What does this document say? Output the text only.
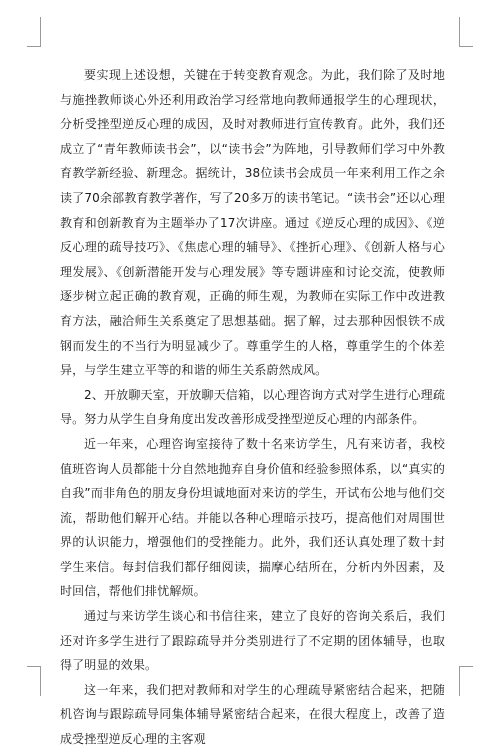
要实现上述设想，关键在于转变教育观念。为此，我们除了及时地与施挫教师谈心外还利用政治学习经常地向教师通报学生的心理现状，分析受挫型逆反心理的成因，及时对教师进行宣传教育。此外，我们还成立了“青年教师读书会”，以“读书会”为阵地，引导教师们学习中外教育教学新经验、新理念。据统计，38位读书会成员一年来利用工作之余读了70余部教育教学著作，写了20多万的读书笔记。“读书会”还以心理教育和创新教育为主题举办了17次讲座。通过《逆反心理的成因》、《逆反心理的疏导技巧》、《焦虑心理的辅导》、《挫折心理》、《创新人格与心理发展》、《创新潜能开发与心理发展》等专题讲座和讨论交流，使教师逐步树立起正确的教育观，正确的师生观，为教师在实际工作中改进教育方法，融洽师生关系奠定了思想基础。据了解，过去那种因恨铁不成钢而发生的不当行为明显减少了。尊重学生的人格，尊重学生的个体差异，与学生建立平等的和谐的师生关系蔚然成风。

2、开放聊天室，开放聊天信箱，以心理咨询方式对学生进行心理疏导。努力从学生自身角度出发改善形成受挫型逆反心理的内部条件。

近一年来，心理咨询室接待了数十名来访学生，凡有来访者，我校值班咨询人员都能十分自然地抛弃自身价值和经验参照体系，以“真实的自我”而非角色的朋友身份坦诚地面对来访的学生，开试布公地与他们交流，帮助他们解开心结。并能以各种心理暗示技巧，提高他们对周围世界的认识能力，增强他们的受挫能力。此外，我们还认真处理了数十封学生来信。每封信我们都仔细阅读，揣摩心结所在，分析内外因素，及时回信，帮他们排忧解烦。

通过与来访学生谈心和书信往来，建立了良好的咨询关系后，我们还对许多学生进行了跟踪疏导并分类别进行了不定期的团体辅导，也取得了明显的效果。

这一年来，我们把对教师和对学生的心理疏导紧密结合起来，把随机咨询与跟踪疏导同集体辅导紧密结合起来，在很大程度上，改善了造成受挫型逆反心理的主客观
